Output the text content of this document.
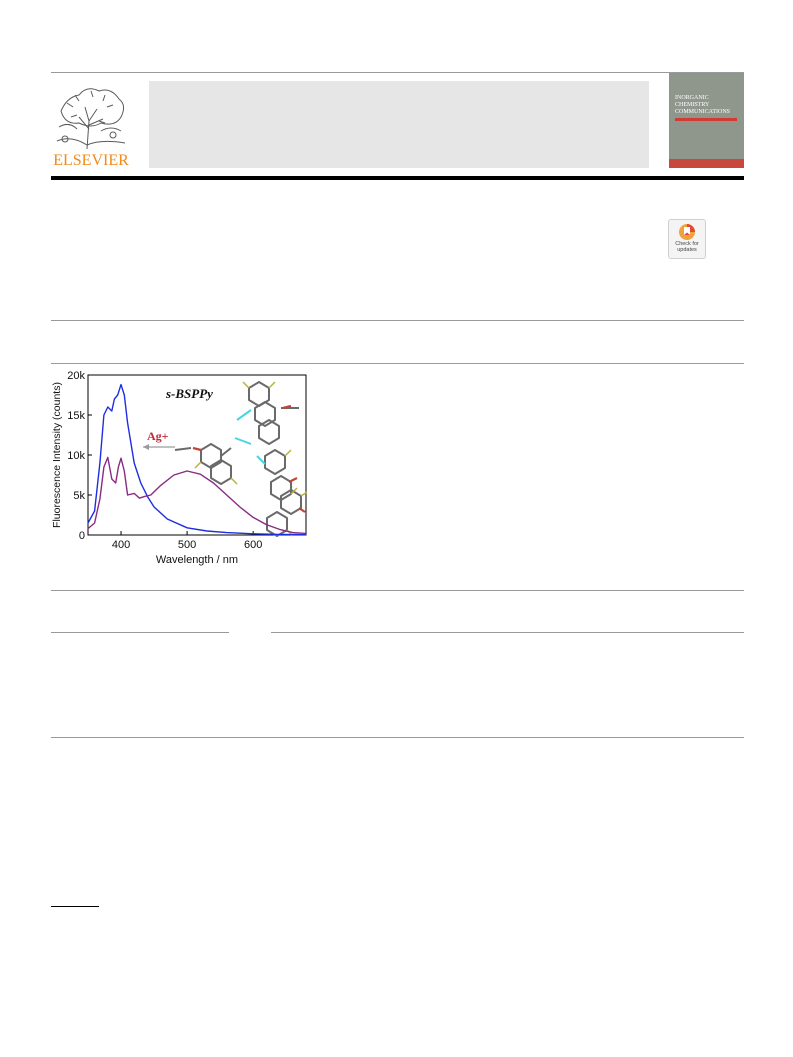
ELSEVIER
INORGANIC
CHEMISTRY
COMMUNICATIONS
Check for
updates
0
5k
10k
15k
20k
400	500	600
s-BSPPy
Ag+
Wavelength / nm
Fluorescence Intensity (counts)
